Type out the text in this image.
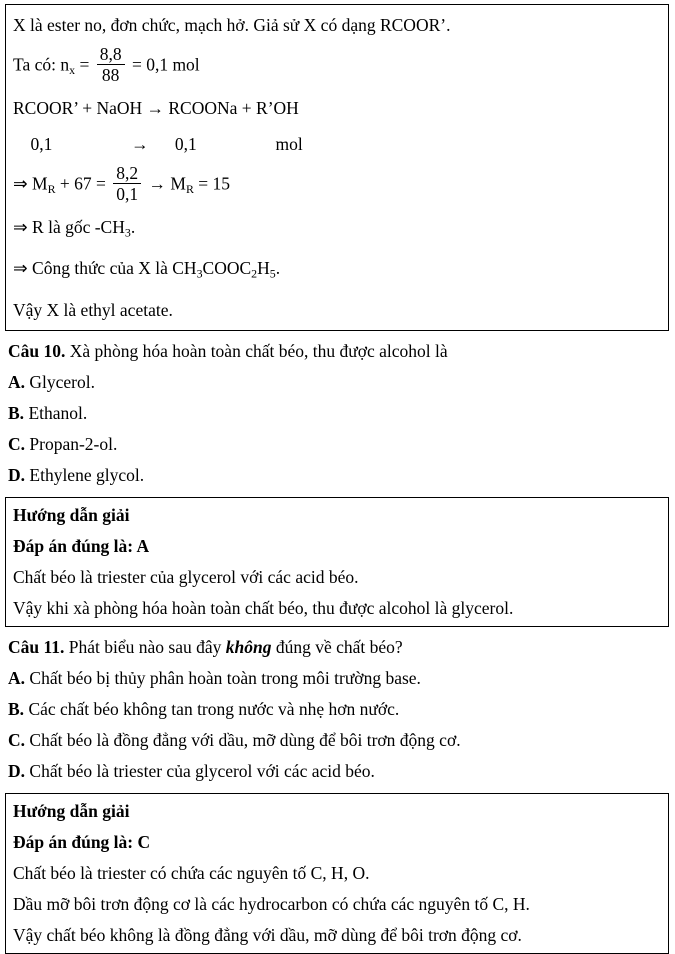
X là ester no, đơn chức, mạch hở. Giả sử X có dạng RCOOR’.
Ta có: $n_x = \frac{8,8}{88} = 0,1$ mol
RCOOR’ + NaOH → RCOONa + R’OH
0,1                  →      0,1                  mol
⇒ $M_R + 67 = \frac{8,2}{0,1} \to M_R = 15$
⇒ R là gốc $-CH_3$.
⇒ Công thức của X là $CH_3COOC_2H_5$.
Vậy X là ethyl acetate.
Câu 10. Xà phòng hóa hoàn toàn chất béo, thu được alcohol là
A. Glycerol.
B. Ethanol.
C. Propan-2-ol.
D. Ethylene glycol.
Hướng dẫn giải
Đáp án đúng là: A
Chất béo là triester của glycerol với các acid béo.
Vậy khi xà phòng hóa hoàn toàn chất béo, thu được alcohol là glycerol.
Câu 11. Phát biểu nào sau đây không đúng về chất béo?
A. Chất béo bị thủy phân hoàn toàn trong môi trường base.
B. Các chất béo không tan trong nước và nhẹ hơn nước.
C. Chất béo là đồng đẳng với dầu, mỡ dùng để bôi trơn động cơ.
D. Chất béo là triester của glycerol với các acid béo.
Hướng dẫn giải
Đáp án đúng là: C
Chất béo là triester có chứa các nguyên tố C, H, O.
Dầu mỡ bôi trơn động cơ là các hydrocarbon có chứa các nguyên tố C, H.
Vậy chất béo không là đồng đẳng với dầu, mỡ dùng để bôi trơn động cơ.
